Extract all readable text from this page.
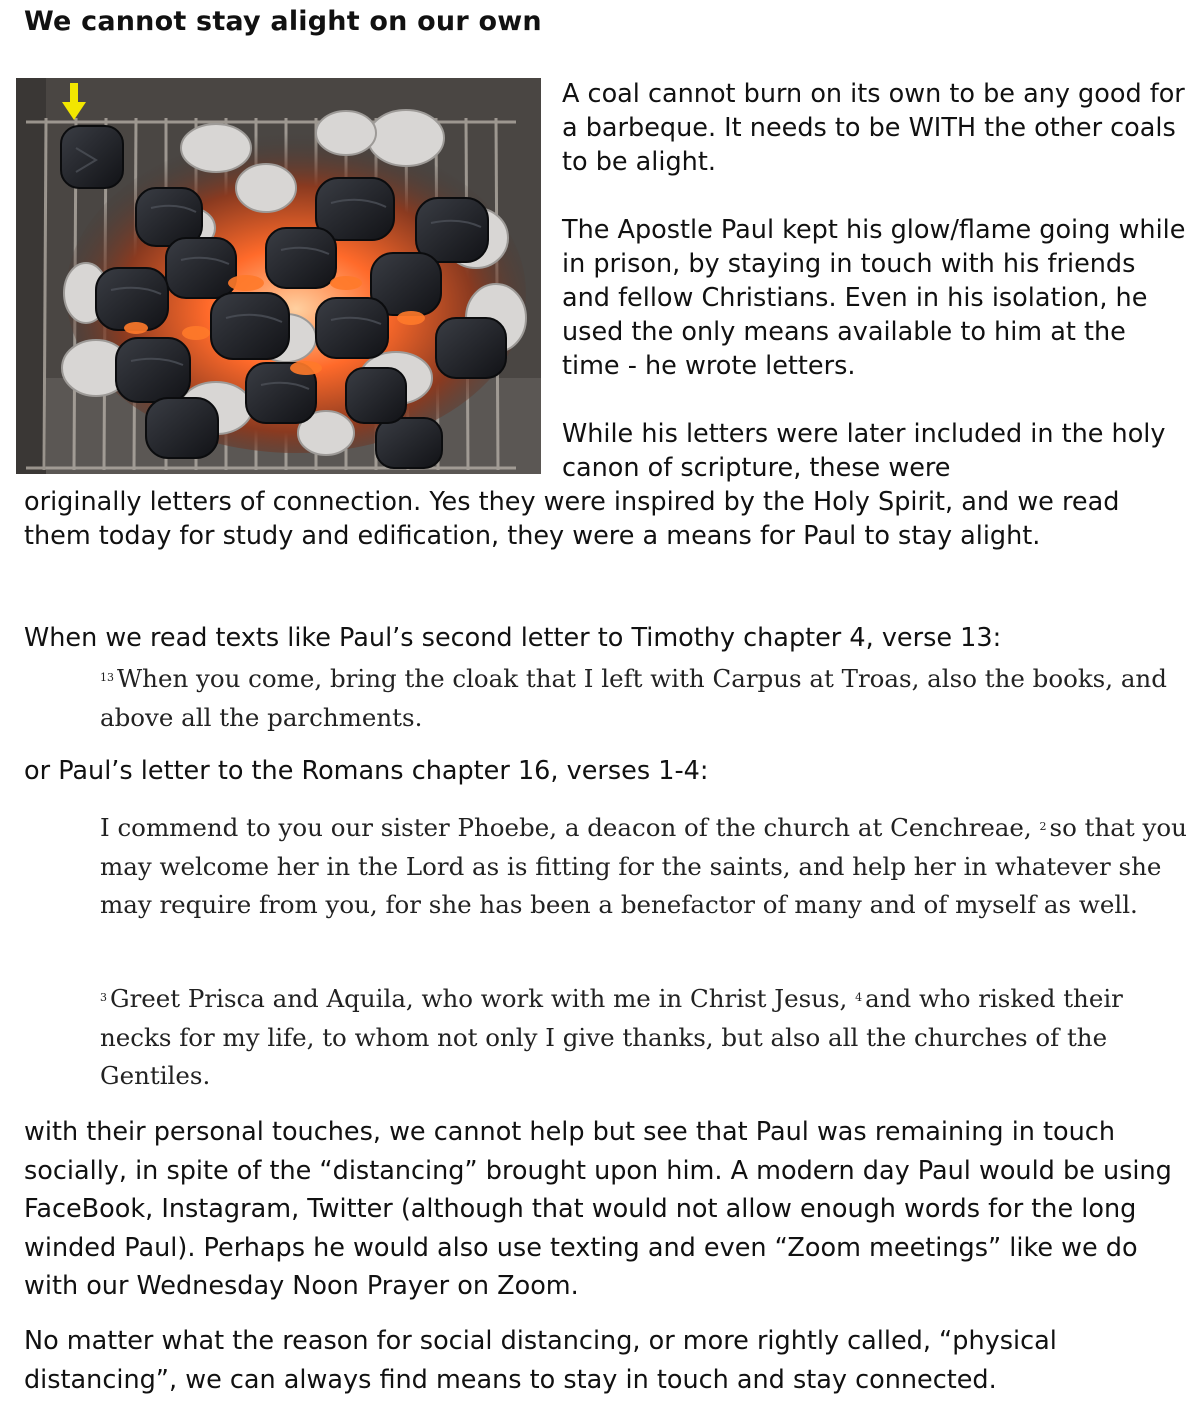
We cannot stay alight on our own

A coal cannot burn on its own to be any good for a barbeque. It needs to be WITH the other coals to be alight.

The Apostle Paul kept his glow/flame going while in prison, by staying in touch with his friends and fellow Christians. Even in his isolation, he used the only means available to him at the time - he wrote letters.

While his letters were later included in the holy canon of scripture, these were

originally letters of connection. Yes they were inspired by the Holy Spirit, and we read them today for study and edification, they were a means for Paul to stay alight.

When we read texts like Paul’s second letter to Timothy chapter 4, verse 13:

$^{13}$ When you come, bring the cloak that I left with Carpus at Troas, also the books, and above all the parchments.

or Paul’s letter to the Romans chapter 16, verses 1-4:

I commend to you our sister Phoebe, a deacon of the church at Cenchreae, $^2$ so that you may welcome her in the Lord as is fitting for the saints, and help her in whatever she may require from you, for she has been a benefactor of many and of myself as well.

$^3$ Greet Prisca and Aquila, who work with me in Christ Jesus, $^4$ and who risked their necks for my life, to whom not only I give thanks, but also all the churches of the Gentiles.

with their personal touches, we cannot help but see that Paul was remaining in touch socially, in spite of the “distancing” brought upon him. A modern day Paul would be using FaceBook, Instagram, Twitter (although that would not allow enough words for the long winded Paul). Perhaps he would also use texting and even “Zoom meetings” like we do with our Wednesday Noon Prayer on Zoom.

No matter what the reason for social distancing, or more rightly called, “physical distancing”, we can always find means to stay in touch and stay connected.
